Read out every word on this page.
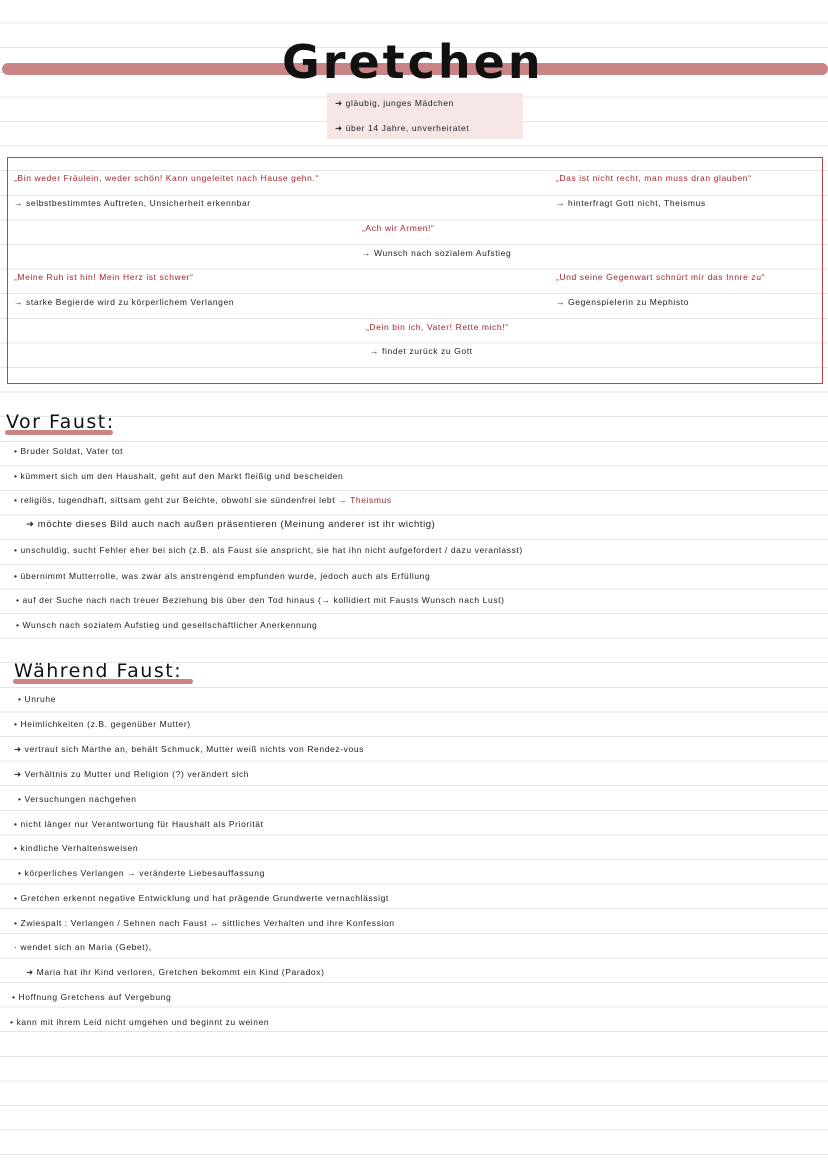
Gretchen
➜ gläubig, junges Mädchen
➜ über 14 Jahre, unverheiratet
„Bin weder Fräulein, weder schön! Kann ungeleitet nach Hause gehn.“
→ selbstbestimmtes Auftreten, Unsicherheit erkennbar
„Das ist nicht recht, man muss dran glauben“
→ hinterfragt Gott nicht, Theismus
„Ach wir Armen!“
→ Wunsch nach sozialem Aufstieg
„Meine Ruh ist hin! Mein Herz ist schwer“
→ starke Begierde wird zu körperlichem Verlangen
„Und seine Gegenwart schnürt mir das Innre zu“
→ Gegenspielerin zu Mephisto
„Dein bin ich, Vater! Rette mich!“
→ findet zurück zu Gott
Vor Faust:
• Bruder Soldat, Vater tot
• kümmert sich um den Haushalt, geht auf den Markt fleißig und bescheiden
• religiös, tugendhaft, sittsam geht zur Beichte, obwohl sie sündenfrei lebt → Theismus
➜ möchte dieses Bild auch nach außen präsentieren (Meinung anderer ist ihr wichtig)
• unschuldig, sucht Fehler eher bei sich (z.B. als Faust sie anspricht, sie hat ihn nicht aufgefordert / dazu veranlasst)
• übernimmt Mutterrolle, was zwar als anstrengend empfunden wurde, jedoch auch als Erfüllung
• auf der Suche nach nach treuer Beziehung bis über den Tod hinaus (→ kollidiert mit Fausts Wunsch nach Lust)
• Wunsch nach sozialem Aufstieg und gesellschaftlicher Anerkennung
Während Faust:
• Unruhe
• Heimlichkeiten (z.B. gegenüber Mutter)
➜ vertraut sich Marthe an, behält Schmuck, Mutter weiß nichts von Rendez-vous
➜ Verhältnis zu Mutter und Religion (?) verändert sich
• Versuchungen nachgehen
• nicht länger nur Verantwortung für Haushalt als Priorität
• kindliche Verhaltensweisen
• körperliches Verlangen → veränderte Liebesauffassung
• Gretchen erkennt negative Entwicklung und hat prägende Grundwerte vernachlässigt
• Zwiespalt : Verlangen / Sehnen nach Faust ↔ sittliches Verhalten und ihre Konfession
· wendet sich an Maria (Gebet),
➜ Maria hat ihr Kind verloren, Gretchen bekommt ein Kind (Paradox)
• Hoffnung Gretchens auf Vergebung
• kann mit ihrem Leid nicht umgehen und beginnt zu weinen
